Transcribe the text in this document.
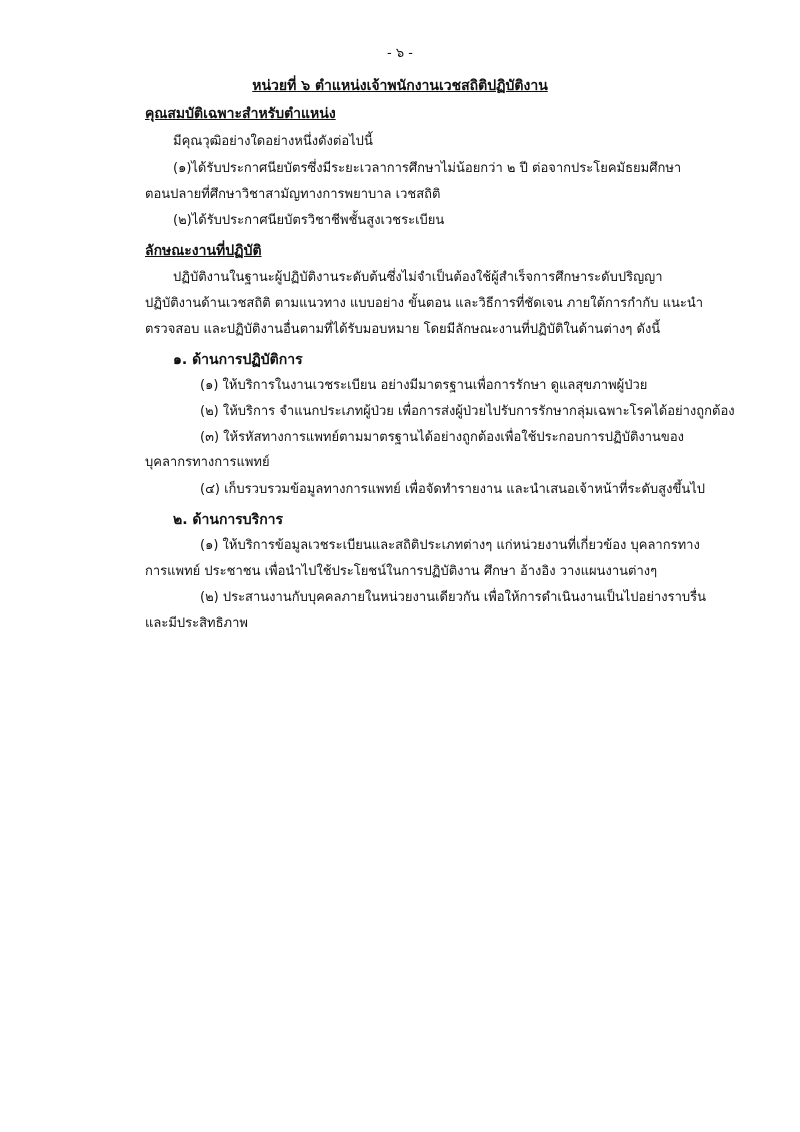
- ๖ -
หน่วยที่ ๖ ตำแหน่งเจ้าพนักงานเวชสถิติปฏิบัติงาน
คุณสมบัติเฉพาะสำหรับตำแหน่ง
มีคุณวุฒิอย่างใดอย่างหนึ่งดังต่อไปนี้
(๑)ได้รับประกาศนียบัตรซึ่งมีระยะเวลาการศึกษาไม่น้อยกว่า ๒ ปี ต่อจากประโยคมัธยมศึกษา
ตอนปลายที่ศึกษาวิชาสามัญทางการพยาบาล เวชสถิติ
(๒)ได้รับประกาศนียบัตรวิชาชีพชั้นสูงเวชระเบียน
ลักษณะงานที่ปฏิบัติ
ปฏิบัติงานในฐานะผู้ปฏิบัติงานระดับต้นซึ่งไม่จำเป็นต้องใช้ผู้สำเร็จการศึกษาระดับปริญญา
ปฏิบัติงานด้านเวชสถิติ ตามแนวทาง แบบอย่าง ขั้นตอน และวิธีการที่ชัดเจน ภายใต้การกำกับ แนะนำ
ตรวจสอบ และปฏิบัติงานอื่นตามที่ได้รับมอบหมาย โดยมีลักษณะงานที่ปฏิบัติในด้านต่างๆ ดังนี้
๑. ด้านการปฏิบัติการ
(๑) ให้บริการในงานเวชระเบียน อย่างมีมาตรฐานเพื่อการรักษา ดูแลสุขภาพผู้ป่วย
(๒) ให้บริการ จำแนกประเภทผู้ป่วย เพื่อการส่งผู้ป่วยไปรับการรักษากลุ่มเฉพาะโรคได้อย่างถูกต้อง
(๓) ให้รหัสทางการแพทย์ตามมาตรฐานได้อย่างถูกต้องเพื่อใช้ประกอบการปฏิบัติงานของ
บุคลากรทางการแพทย์
(๔) เก็บรวบรวมข้อมูลทางการแพทย์ เพื่อจัดทำรายงาน และนำเสนอเจ้าหน้าที่ระดับสูงขึ้นไป
๒. ด้านการบริการ
(๑) ให้บริการข้อมูลเวชระเบียนและสถิติประเภทต่างๆ แก่หน่วยงานที่เกี่ยวข้อง บุคลากรทาง
การแพทย์ ประชาชน เพื่อนำไปใช้ประโยชน์ในการปฏิบัติงาน ศึกษา อ้างอิง วางแผนงานต่างๆ
(๒) ประสานงานกับบุคคลภายในหน่วยงานเดียวกัน เพื่อให้การดำเนินงานเป็นไปอย่างราบรื่น
และมีประสิทธิภาพ
